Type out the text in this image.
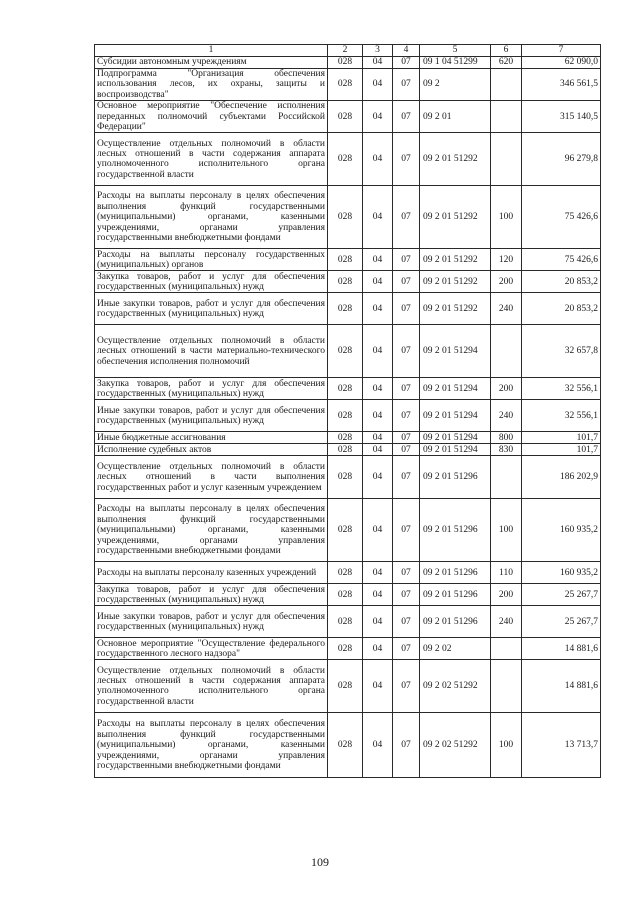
1	2	3	4	5	6	7
Субсидии автономным учреждениям	028	04	07	09 1 04 51299	620	62 090,0
Подпрограмма "Организация обеспечения использования лесов, их охраны, защиты и воспроизводства"	028	04	07	09 2		346 561,5
Основное мероприятие "Обеспечение исполнения переданных полномочий субъектами Российской Федерации"	028	04	07	09 2 01		315 140,5
Осуществление отдельных полномочий в области лесных отношений в части содержания аппарата уполномоченного исполнительного органа государственной власти	028	04	07	09 2 01 51292		96 279,8
Расходы на выплаты персоналу в целях обеспечения выполнения функций государственными (муниципальными) органами, казенными учреждениями, органами управления государственными внебюджетными фондами	028	04	07	09 2 01 51292	100	75 426,6
Расходы на выплаты персоналу государственных (муниципальных) органов	028	04	07	09 2 01 51292	120	75 426,6
Закупка товаров, работ и услуг для обеспечения государственных (муниципальных) нужд	028	04	07	09 2 01 51292	200	20 853,2
Иные закупки товаров, работ и услуг для обеспечения государственных (муниципальных) нужд	028	04	07	09 2 01 51292	240	20 853,2
Осуществление отдельных полномочий в области лесных отношений в части материально-технического обеспечения исполнения полномочий	028	04	07	09 2 01 51294		32 657,8
Закупка товаров, работ и услуг для обеспечения государственных (муниципальных) нужд	028	04	07	09 2 01 51294	200	32 556,1
Иные закупки товаров, работ и услуг для обеспечения государственных (муниципальных) нужд	028	04	07	09 2 01 51294	240	32 556,1
Иные бюджетные ассигнования	028	04	07	09 2 01 51294	800	101,7
Исполнение судебных актов	028	04	07	09 2 01 51294	830	101,7
Осуществление отдельных полномочий в области лесных отношений в части выполнения государственных работ и услуг казенным учреждением	028	04	07	09 2 01 51296		186 202,9
Расходы на выплаты персоналу в целях обеспечения выполнения функций государственными (муниципальными) органами, казенными учреждениями, органами управления государственными внебюджетными фондами	028	04	07	09 2 01 51296	100	160 935,2
Расходы на выплаты персоналу казенных учреждений	028	04	07	09 2 01 51296	110	160 935,2
Закупка товаров, работ и услуг для обеспечения государственных (муниципальных) нужд	028	04	07	09 2 01 51296	200	25 267,7
Иные закупки товаров, работ и услуг для обеспечения государственных (муниципальных) нужд	028	04	07	09 2 01 51296	240	25 267,7
Основное мероприятие "Осуществление федерального государственного лесного надзора"	028	04	07	09 2 02		14 881,6
Осуществление отдельных полномочий в области лесных отношений в части содержания аппарата уполномоченного исполнительного органа государственной власти	028	04	07	09 2 02 51292		14 881,6
Расходы на выплаты персоналу в целях обеспечения выполнения функций государственными (муниципальными) органами, казенными учреждениями, органами управления государственными внебюджетными фондами	028	04	07	09 2 02 51292	100	13 713,7
109
